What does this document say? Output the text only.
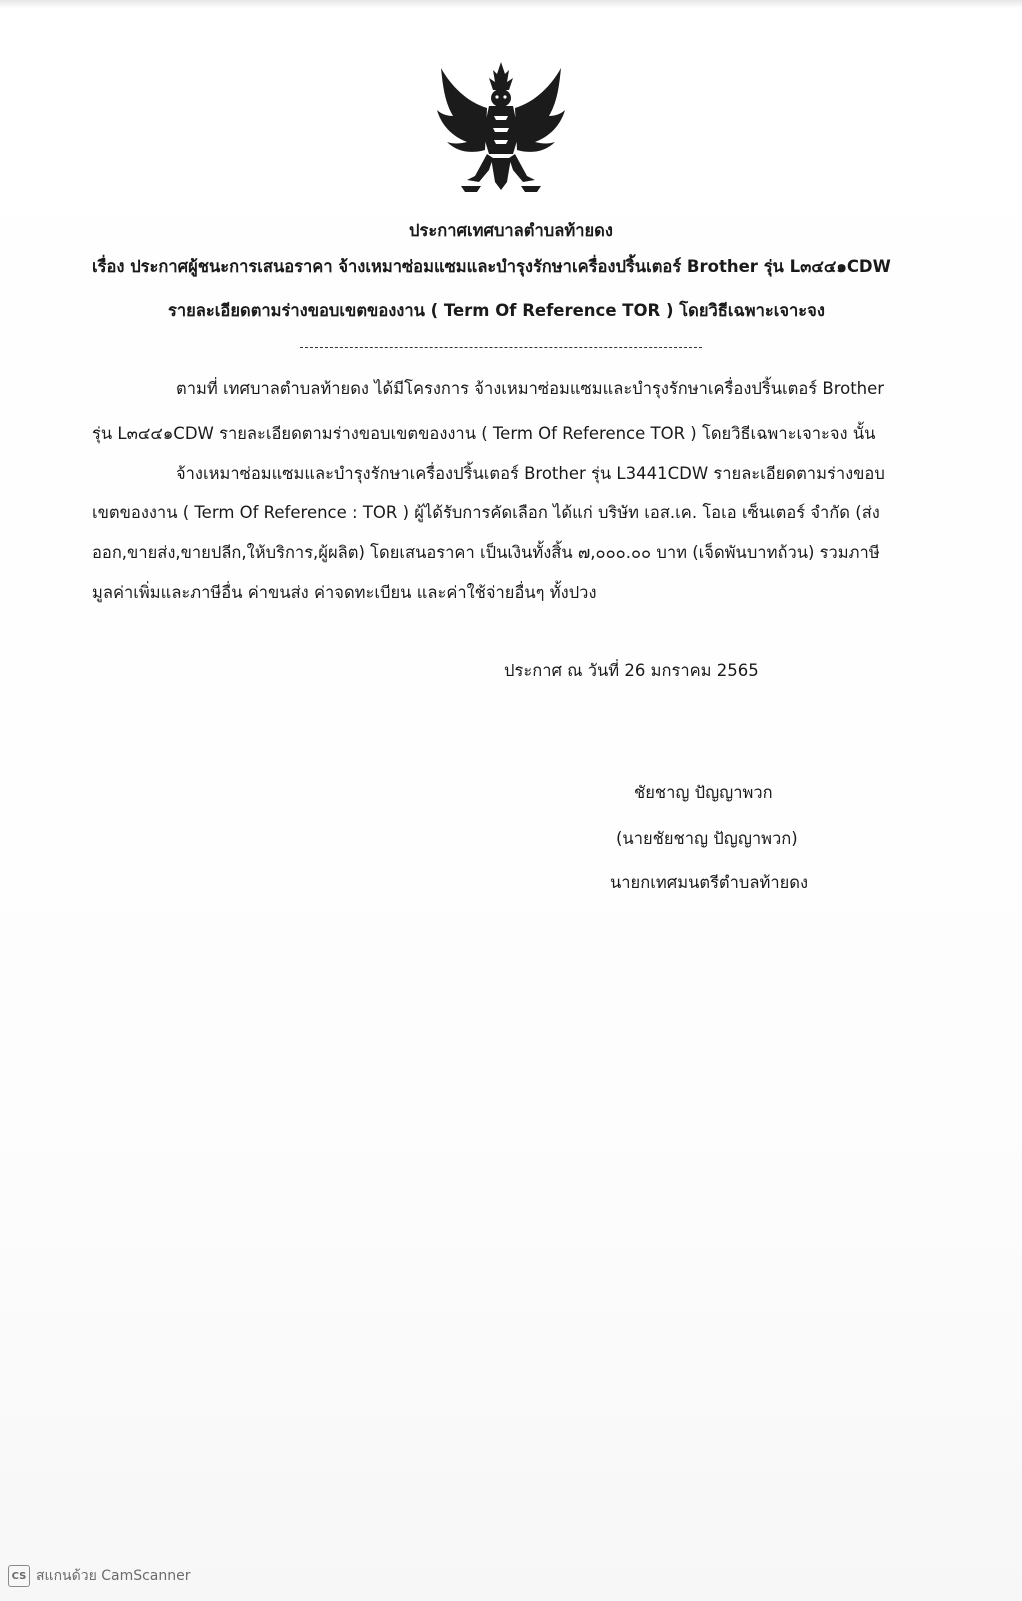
ประกาศเทศบาลตำบลท้ายดง
เรื่อง ประกาศผู้ชนะการเสนอราคา จ้างเหมาซ่อมแซมและบำรุงรักษาเครื่องปริ้นเตอร์ Brother รุ่น L๓๔๔๑CDW
รายละเอียดตามร่างขอบเขตของงาน ( Term Of Reference TOR ) โดยวิธีเฉพาะเจาะจง
ตามที่ เทศบาลตำบลท้ายดง ได้มีโครงการ จ้างเหมาซ่อมแซมและบำรุงรักษาเครื่องปริ้นเตอร์ Brother
รุ่น L๓๔๔๑CDW รายละเอียดตามร่างขอบเขตของงาน ( Term Of Reference TOR ) โดยวิธีเฉพาะเจาะจง นั้น
จ้างเหมาซ่อมแซมและบำรุงรักษาเครื่องปริ้นเตอร์ Brother รุ่น L3441CDW รายละเอียดตามร่างขอบ
เขตของงาน ( Term Of Reference : TOR ) ผู้ได้รับการคัดเลือก ได้แก่ บริษัท เอส.เค. โอเอ เซ็นเตอร์ จำกัด (ส่ง
ออก,ขายส่ง,ขายปลีก,ให้บริการ,ผู้ผลิต) โดยเสนอราคา เป็นเงินทั้งสิ้น ๗,๐๐๐.๐๐ บาท (เจ็ดพันบาทถ้วน) รวมภาษี
มูลค่าเพิ่มและภาษีอื่น ค่าขนส่ง ค่าจดทะเบียน และค่าใช้จ่ายอื่นๆ ทั้งปวง
ประกาศ ณ วันที่ 26 มกราคม 2565
ชัยชาญ ปัญญาพวก
(นายชัยชาญ ปัญญาพวก)
นายกเทศมนตรีตำบลท้ายดง
CS สแกนด้วย CamScanner
